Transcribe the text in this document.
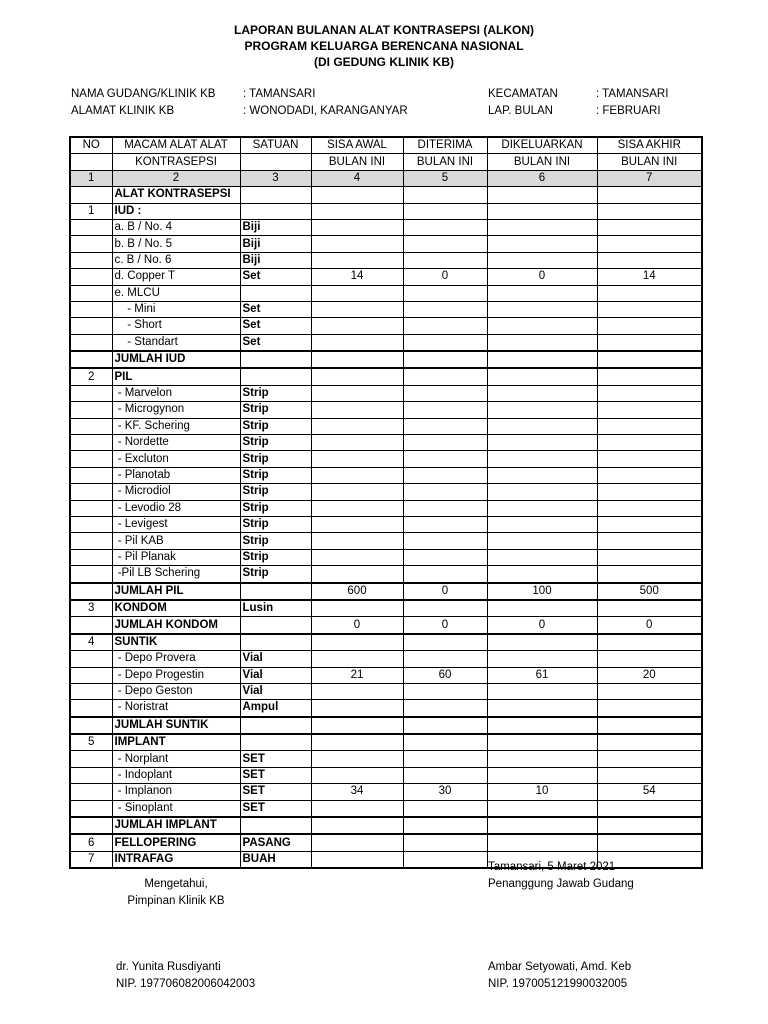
LAPORAN BULANAN ALAT KONTRASEPSI (ALKON)
PROGRAM KELUARGA BERENCANA NASIONAL
(DI GEDUNG KLINIK KB)
NAMA GUDANG/KLINIK KB : TAMANSARI
ALAMAT KLINIK KB	: WONODADI, KARANGANYAR
KECAMATAN	: TAMANSARI
LAP. BULAN	: FEBRUARI
NO	MACAM ALAT ALAT	SATUAN	SISA AWAL	DITERIMA	DIKELUARKAN	SISA AKHIR
	KONTRASEPSI		BULAN INI	BULAN INI	BULAN INI	BULAN INI
1	2	3	4	5	6	7
	ALAT KONTRASEPSI					
1	IUD :					
	a. B / No. 4	Biji				
	b. B / No. 5	Biji				
	c. B / No. 6	Biji				
	d. Copper T	Set	14	0	0	14
	e. MLCU					
	- Mini	Set				
	- Short	Set				
	- Standart	Set				
	JUMLAH IUD					
2	PIL					
	- Marvelon	Strip				
	- Microgynon	Strip				
	- KF. Schering	Strip				
	- Nordette	Strip				
	- Excluton	Strip				
	- Planotab	Strip				
	- Microdiol	Strip				
	- Levodio 28	Strip				
	- Levigest	Strip				
	- Pil KAB	Strip				
	- Pil Planak	Strip				
	-Pil LB Schering	Strip				
	JUMLAH PIL		600	0	100	500
3	KONDOM	Lusin				
	JUMLAH KONDOM		0	0	0	0
4	SUNTIK					
	- Depo Provera	Vial				
	- Depo Progestin	Vial	21	60	61	20
	- Depo Geston	Vial				
	- Noristrat	Ampul				
	JUMLAH SUNTIK					
5	IMPLANT					
	- Norplant	SET				
	- Indoplant	SET				
	- Implanon	SET	34	30	10	54
	- Sinoplant	SET				
	JUMLAH IMPLANT					
6	FELLOPERING	PASANG				
7	INTRAFAG	BUAH				
Tamansari, 5 Maret 2021
Penanggung Jawab Gudang
Mengetahui,
Pimpinan Klinik KB
dr. Yunita Rusdiyanti
NIP. 197706082006042003
Ambar Setyowati, Amd. Keb
NIP. 197005121990032005
